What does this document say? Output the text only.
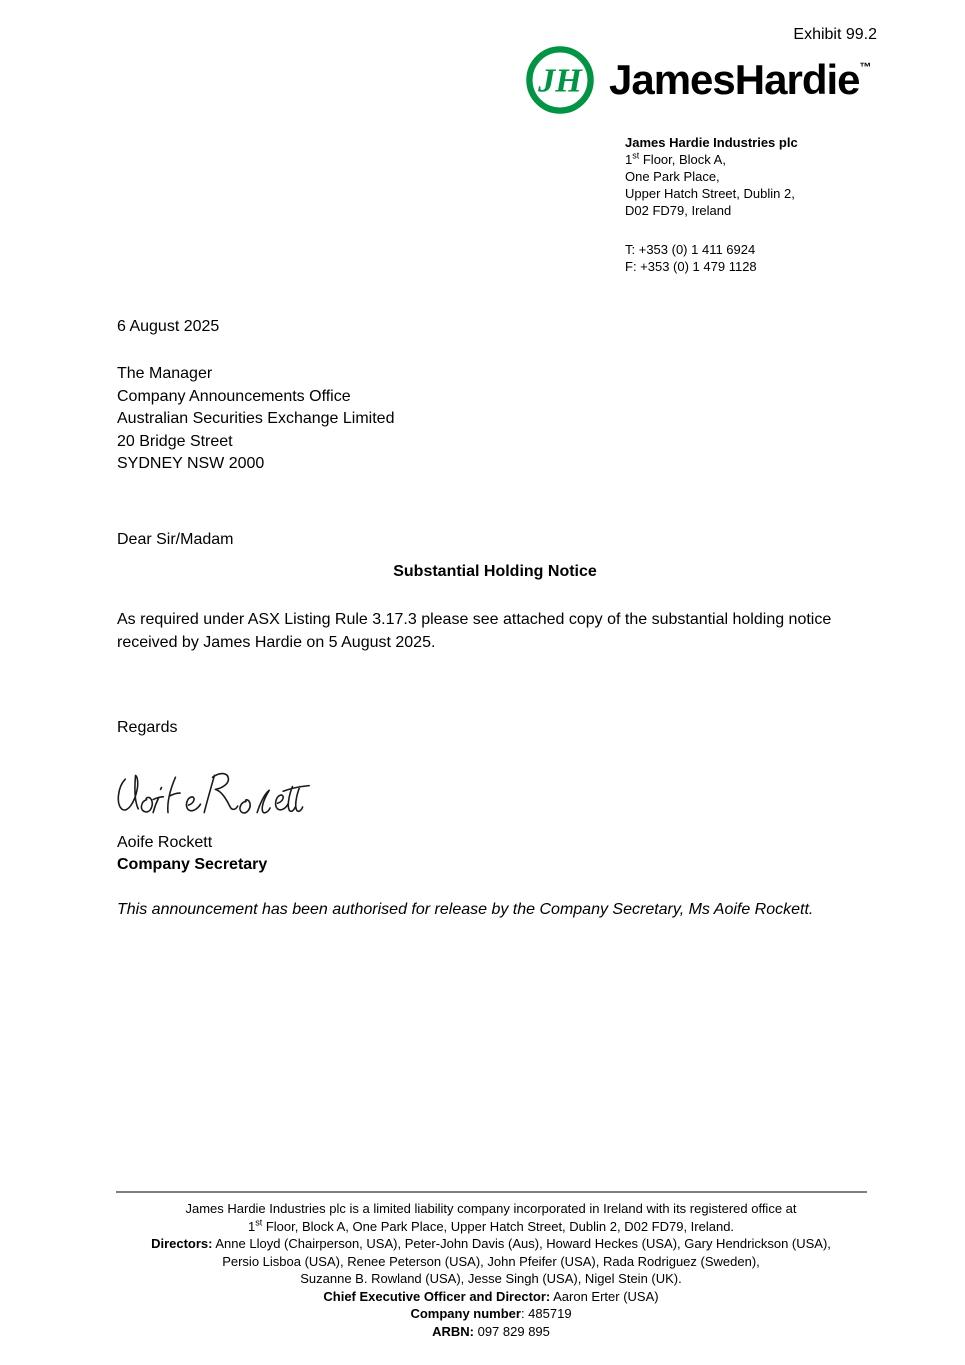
Exhibit 99.2
JH JamesHardie™
James Hardie Industries plc
1st Floor, Block A,
One Park Place,
Upper Hatch Street, Dublin 2,
D02 FD79, Ireland
T: +353 (0) 1 411 6924
F: +353 (0) 1 479 1128
6 August 2025
The Manager
Company Announcements Office
Australian Securities Exchange Limited
20 Bridge Street
SYDNEY NSW 2000
Dear Sir/Madam
Substantial Holding Notice

As required under ASX Listing Rule 3.17.3 please see attached copy of the substantial holding notice received by James Hardie on 5 August 2025.

Regards
Aoife Rockett
Company Secretary

This announcement has been authorised for release by the Company Secretary, Ms Aoife Rockett.

James Hardie Industries plc is a limited liability company incorporated in Ireland with its registered office at
1st Floor, Block A, One Park Place, Upper Hatch Street, Dublin 2, D02 FD79, Ireland.
Directors: Anne Lloyd (Chairperson, USA), Peter-John Davis (Aus), Howard Heckes (USA), Gary Hendrickson (USA),
Persio Lisboa (USA), Renee Peterson (USA), John Pfeifer (USA), Rada Rodriguez (Sweden),
Suzanne B. Rowland (USA), Jesse Singh (USA), Nigel Stein (UK).
Chief Executive Officer and Director: Aaron Erter (USA)
Company number: 485719
ARBN: 097 829 895
